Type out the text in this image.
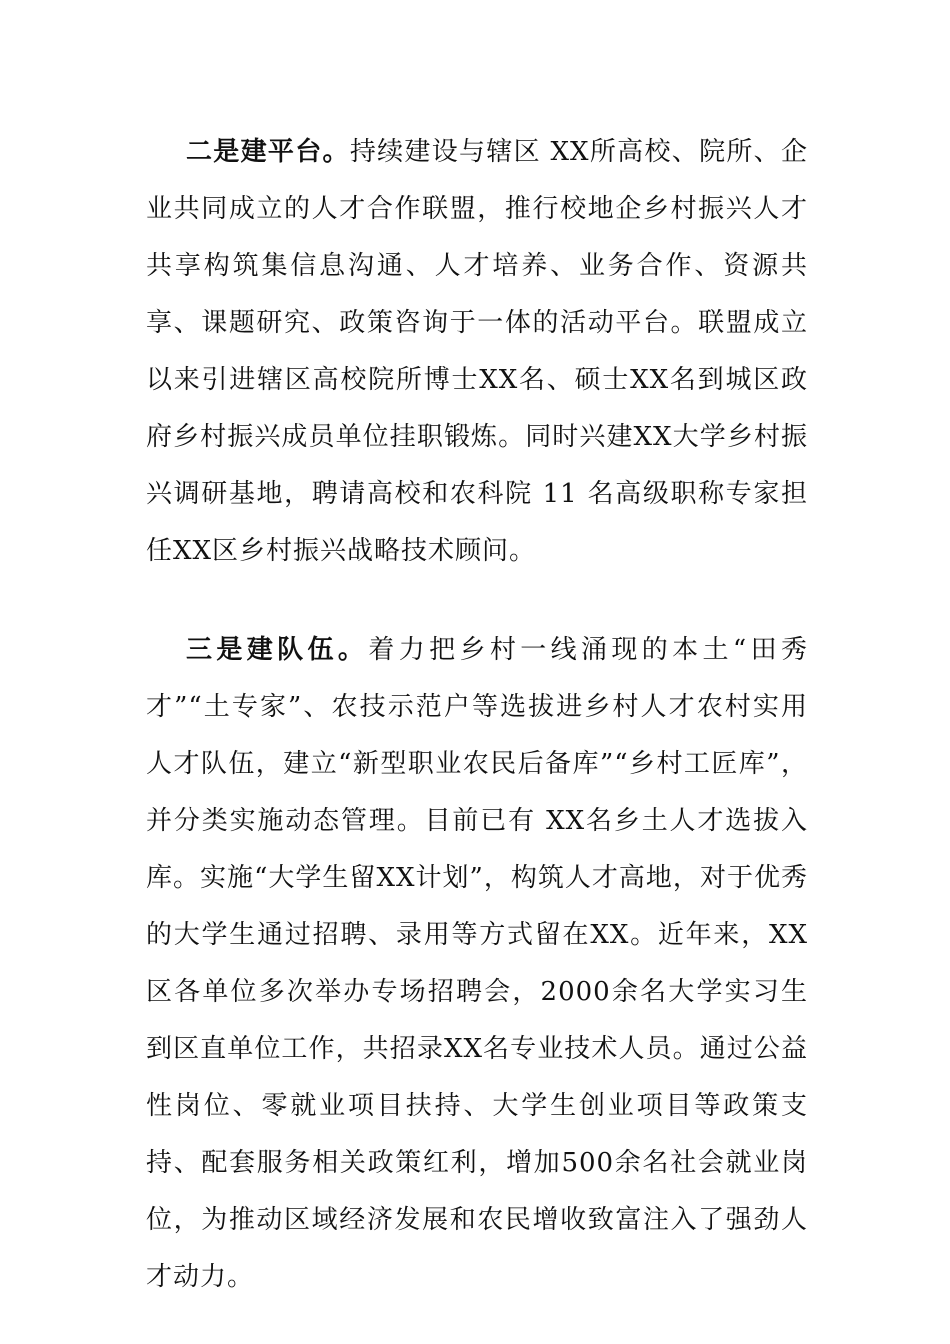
二是建平台。持续建设与辖区 XX所高校、院所、企业共同成立的人才合作联盟，推行校地企乡村振兴人才共享构筑集信息沟通、人才培养、业务合作、资源共享、课题研究、政策咨询于一体的活动平台。联盟成立以来引进辖区高校院所博士XX名、硕士XX名到城区政府乡村振兴成员单位挂职锻炼。同时兴建XX大学乡村振兴调研基地，聘请高校和农科院 11 名高级职称专家担任XX区乡村振兴战略技术顾问。

三是建队伍。着力把乡村一线涌现的本土“田秀才”“土专家”、农技示范户等选拔进乡村人才农村实用人才队伍，建立“新型职业农民后备库”“乡村工匠库”，并分类实施动态管理。目前已有 XX名乡土人才选拔入库。实施“大学生留XX计划”，构筑人才高地，对于优秀的大学生通过招聘、录用等方式留在XX。近年来，XX区各单位多次举办专场招聘会，2000余名大学实习生到区直单位工作，共招录XX名专业技术人员。通过公益性岗位、零就业项目扶持、大学生创业项目等政策支持、配套服务相关政策红利，增加500余名社会就业岗位，为推动区域经济发展和农民增收致富注入了强劲人才动力。
